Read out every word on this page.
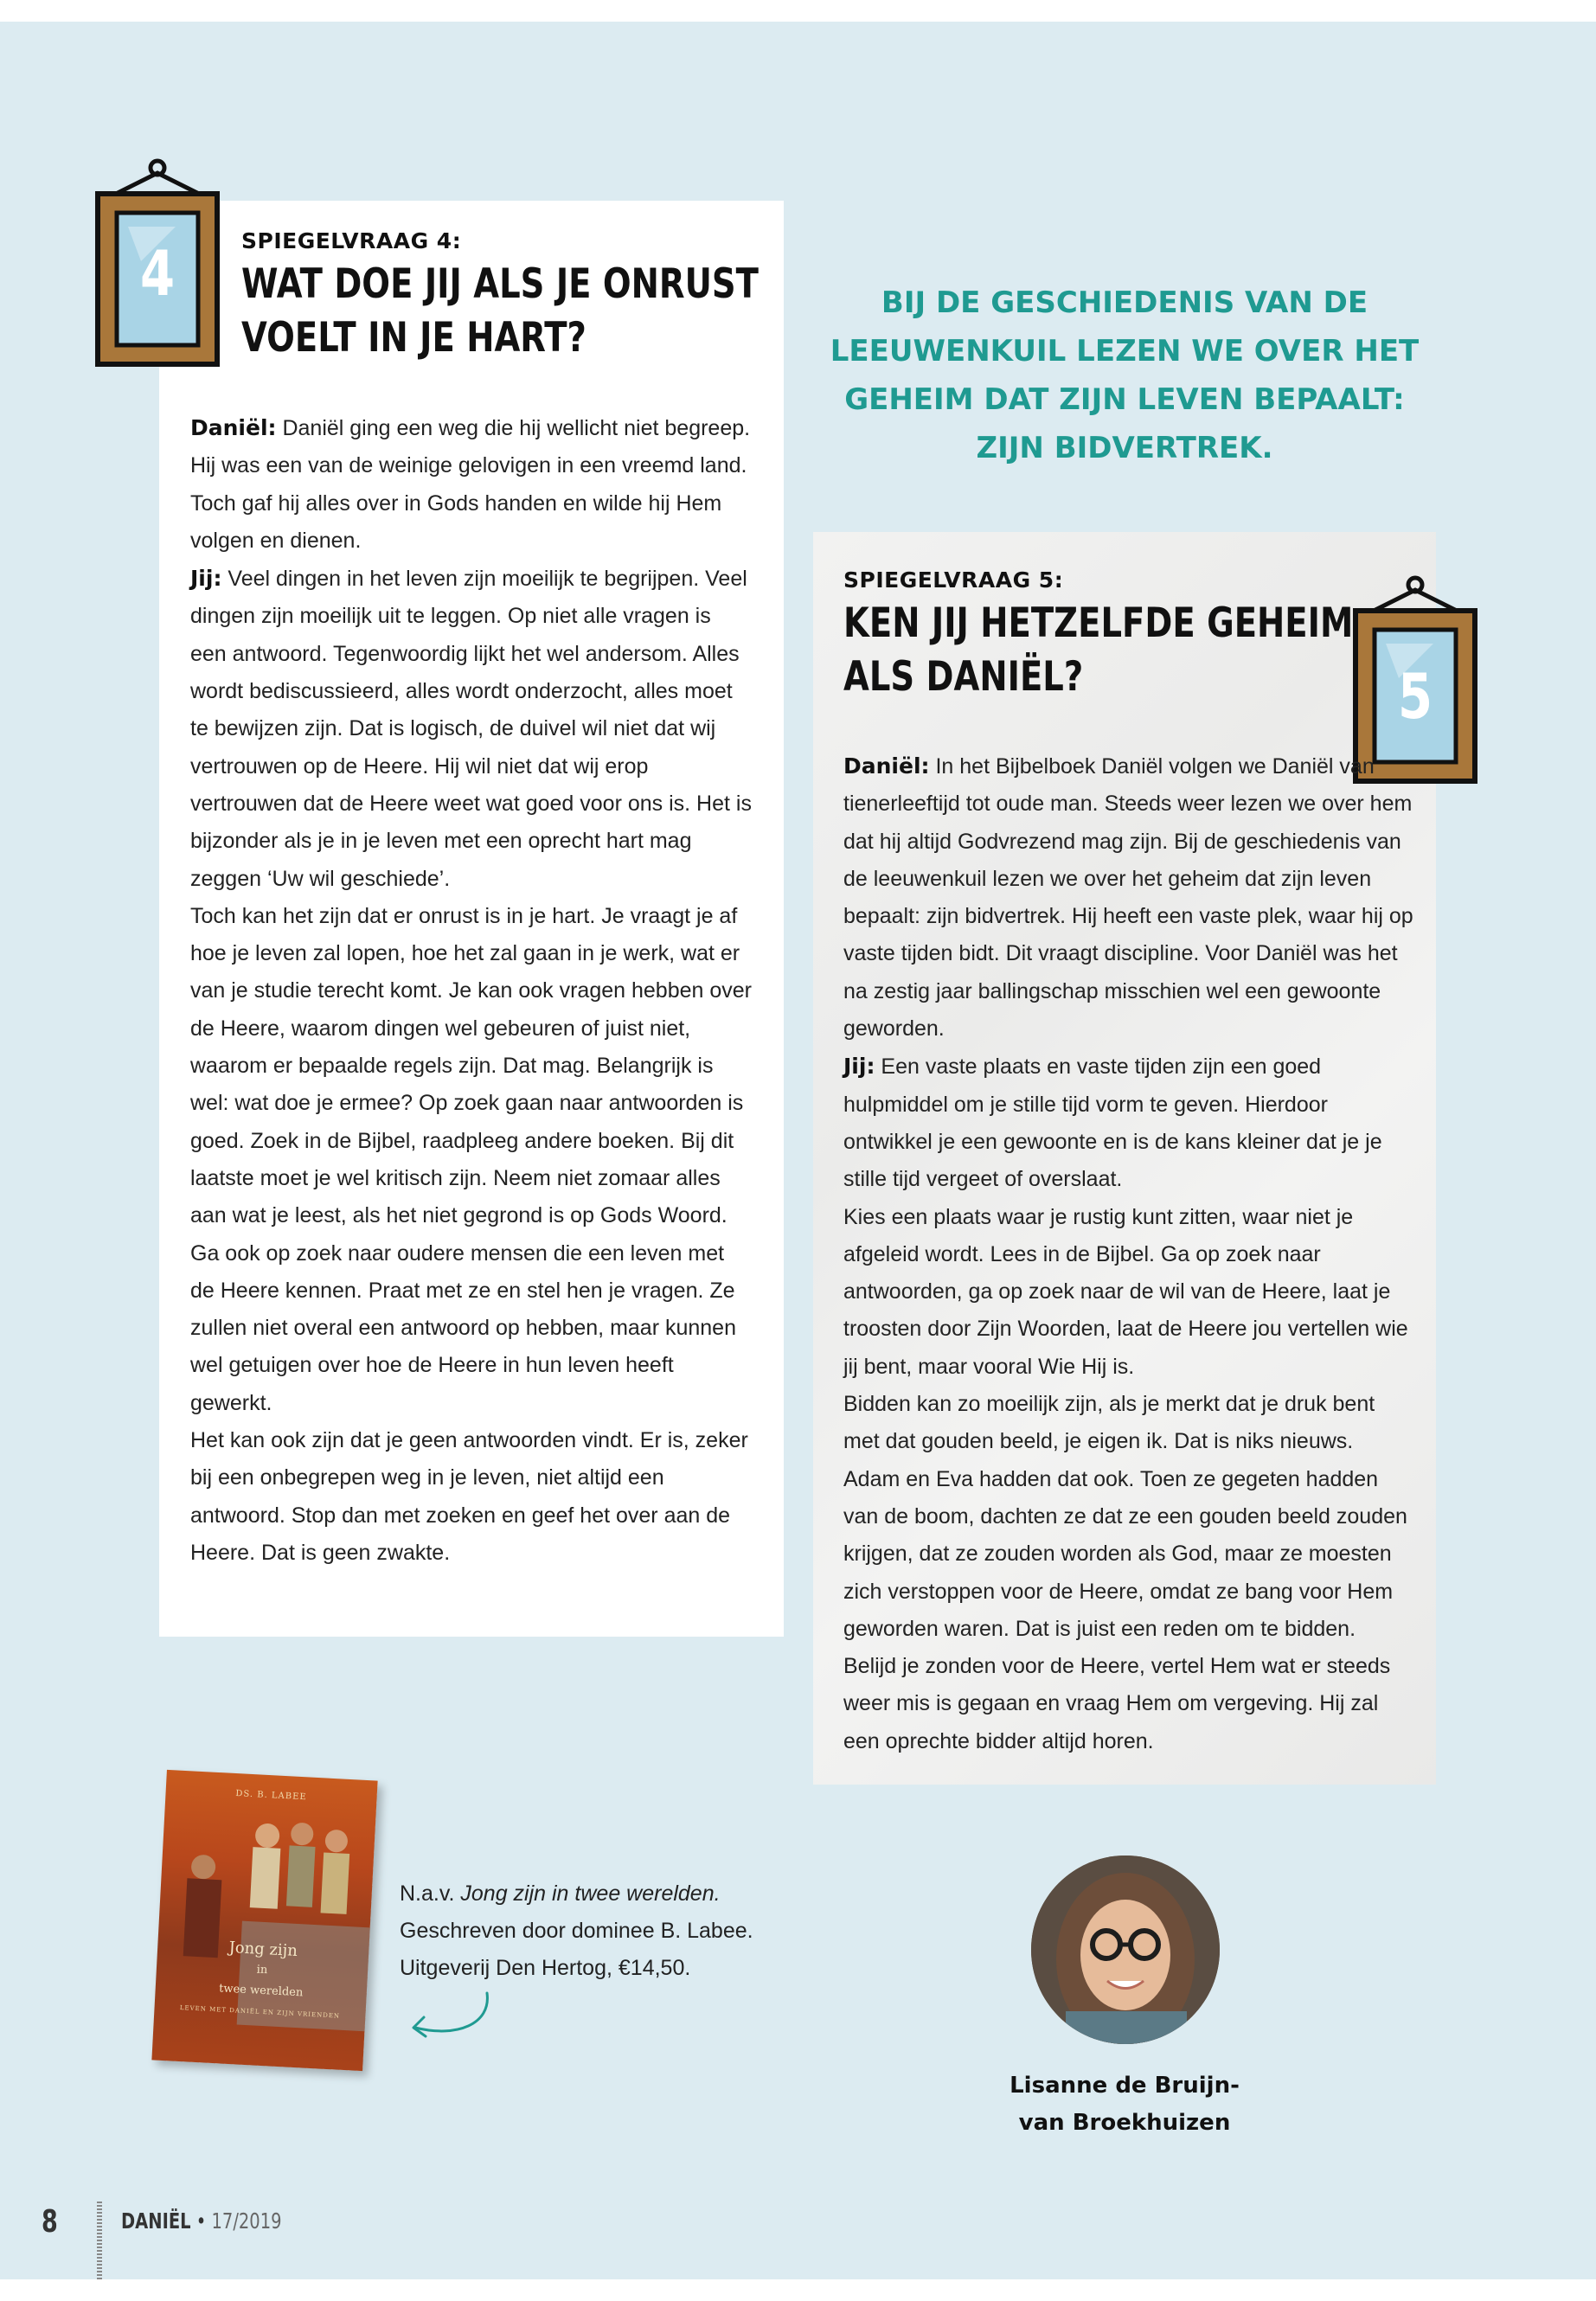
4	SPIEGELVRAAG 4:
WAT DOE JIJ ALS JE ONRUST
VOELT IN JE HART?

Daniël: Daniël ging een weg die hij wellicht niet begreep. Hij was een van de weinige gelovigen in een vreemd land. Toch gaf hij alles over in Gods handen en wilde hij Hem volgen en dienen.

Jij: Veel dingen in het leven zijn moeilijk te begrijpen. Veel dingen zijn moeilijk uit te leggen. Op niet alle vragen is een antwoord. Tegenwoordig lijkt het wel andersom. Alles wordt bediscussieerd, alles wordt onderzocht, alles moet te bewijzen zijn. Dat is logisch, de duivel wil niet dat wij vertrouwen op de Heere. Hij wil niet dat wij erop vertrouwen dat de Heere weet wat goed voor ons is. Het is bijzonder als je in je leven met een oprecht hart mag zeggen ‘Uw wil geschiede’.

Toch kan het zijn dat er onrust is in je hart. Je vraagt je af hoe je leven zal lopen, hoe het zal gaan in je werk, wat er van je studie terecht komt. Je kan ook vragen hebben over de Heere, waarom dingen wel gebeuren of juist niet, waarom er bepaalde regels zijn. Dat mag. Belangrijk is wel: wat doe je ermee? Op zoek gaan naar antwoorden is goed. Zoek in de Bijbel, raadpleeg andere boeken. Bij dit laatste moet je wel kritisch zijn. Neem niet zomaar alles aan wat je leest, als het niet gegrond is op Gods Woord.

Ga ook op zoek naar oudere mensen die een leven met de Heere kennen. Praat met ze en stel hen je vragen. Ze zullen niet overal een antwoord op hebben, maar kunnen wel getuigen over hoe de Heere in hun leven heeft gewerkt.

Het kan ook zijn dat je geen antwoorden vindt. Er is, zeker bij een onbegrepen weg in je leven, niet altijd een antwoord. Stop dan met zoeken en geef het over aan de Heere. Dat is geen zwakte.

BIJ DE GESCHIEDENIS VAN DE LEEUWENKUIL LEZEN WE OVER HET GEHEIM DAT ZIJN LEVEN BEPAALT: ZIJN BIDVERTREK.
5
SPIEGELVRAAG 5:
KEN JIJ HETZELFDE GEHEIM
ALS DANIËL?

Daniël: In het Bijbelboek Daniël volgen we Daniël van tienerleeftijd tot oude man. Steeds weer lezen we over hem dat hij altijd Godvrezend mag zijn. Bij de geschiedenis van de leeuwenkuil lezen we over het geheim dat zijn leven bepaalt: zijn bidvertrek. Hij heeft een vaste plek, waar hij op vaste tijden bidt. Dit vraagt discipline. Voor Daniël was het na zestig jaar ballingschap misschien wel een gewoonte geworden.

Jij: Een vaste plaats en vaste tijden zijn een goed hulpmiddel om je stille tijd vorm te geven. Hierdoor ontwikkel je een gewoonte en is de kans kleiner dat je je stille tijd vergeet of overslaat.

Kies een plaats waar je rustig kunt zitten, waar niet je afgeleid wordt. Lees in de Bijbel. Ga op zoek naar antwoorden, ga op zoek naar de wil van de Heere, laat je troosten door Zijn Woorden, laat de Heere jou vertellen wie jij bent, maar vooral Wie Hij is.

Bidden kan zo moeilijk zijn, als je merkt dat je druk bent met dat gouden beeld, je eigen ik. Dat is niks nieuws. Adam en Eva hadden dat ook. Toen ze gegeten hadden van de boom, dachten ze dat ze een gouden beeld zouden krijgen, dat ze zouden worden als God, maar ze moesten zich verstoppen voor de Heere, omdat ze bang voor Hem geworden waren. Dat is juist een reden om te bidden. Belijd je zonden voor de Heere, vertel Hem wat er steeds weer mis is gegaan en vraag Hem om vergeving. Hij zal een oprechte bidder altijd horen.

DS. B. LABEE
Jong zijn
in
twee werelden
LEVEN MET DANIËL EN ZIJN VRIENDEN

N.a.v. Jong zijn in twee werelden.

Geschreven door dominee B. Labee.

Uitgeverij Den Hertog, €14,50.

Lisanne de Bruijn-

van Broekhuizen

8	DANIËL • 17/2019
